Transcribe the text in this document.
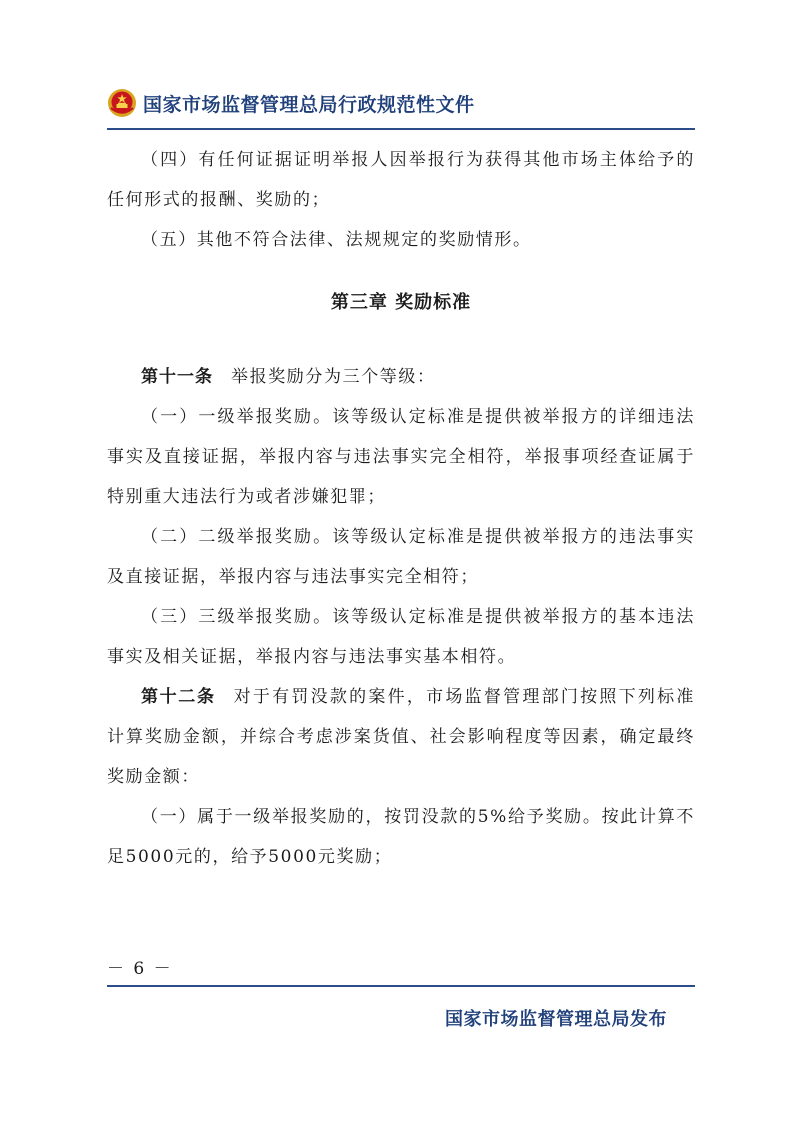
国家市场监督管理总局行政规范性文件

（四）有任何证据证明举报人因举报行为获得其他市场主体给予的任何形式的报酬、奖励的；

（五）其他不符合法律、法规规定的奖励情形。

第三章 奖励标准

第十一条 举报奖励分为三个等级：

（一）一级举报奖励。该等级认定标准是提供被举报方的详细违法事实及直接证据，举报内容与违法事实完全相符，举报事项经查证属于特别重大违法行为或者涉嫌犯罪；

（二）二级举报奖励。该等级认定标准是提供被举报方的违法事实及直接证据，举报内容与违法事实完全相符；

（三）三级举报奖励。该等级认定标准是提供被举报方的基本违法事实及相关证据，举报内容与违法事实基本相符。

第十二条 对于有罚没款的案件，市场监督管理部门按照下列标准计算奖励金额，并综合考虑涉案货值、社会影响程度等因素，确定最终奖励金额：

（一）属于一级举报奖励的，按罚没款的5%给予奖励。按此计算不足5000元的，给予5000元奖励；

－ 6 －
国家市场监督管理总局发布
